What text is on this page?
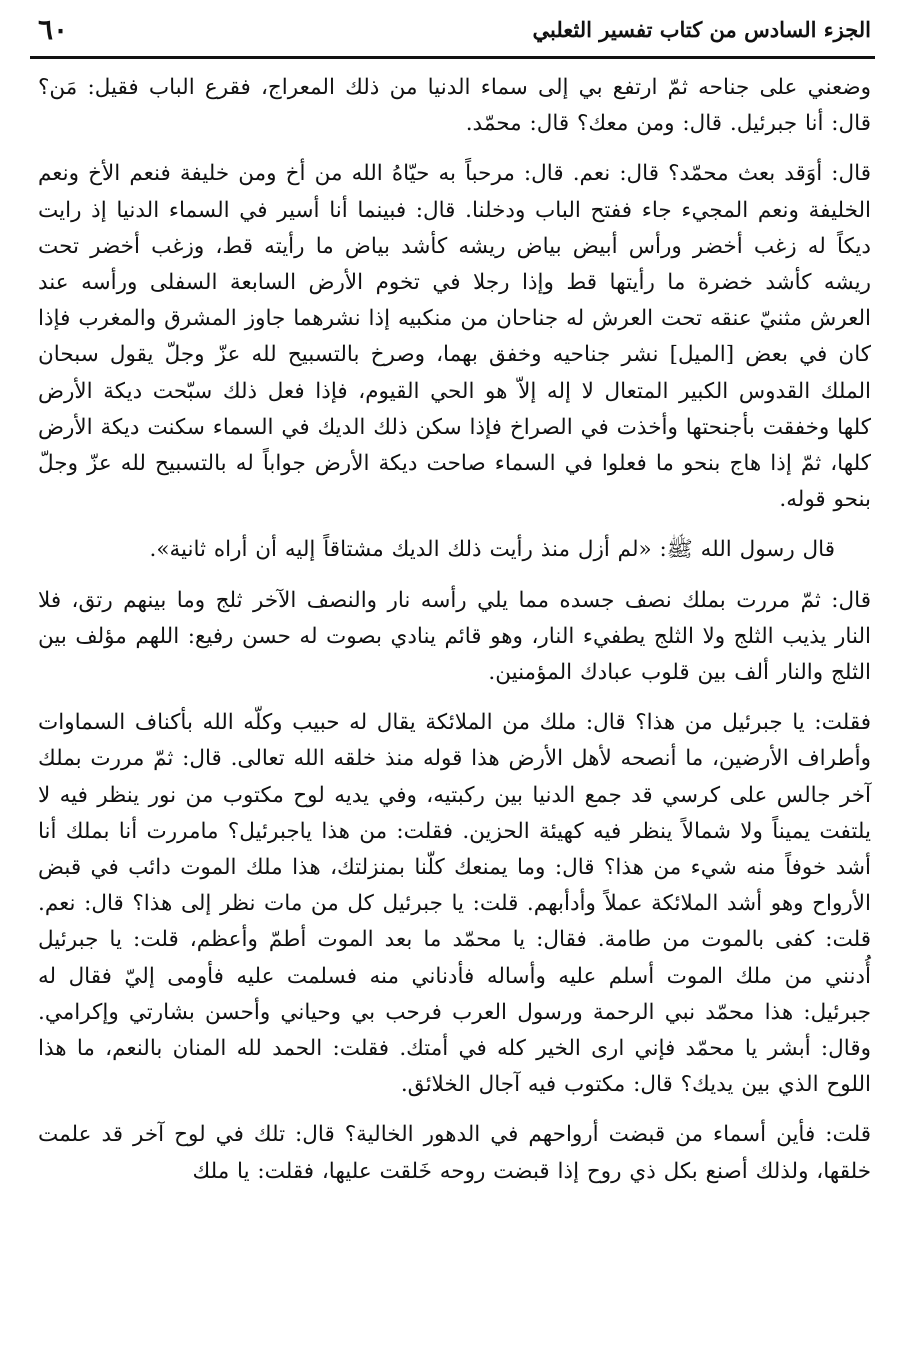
الجزء السادس من كتاب تفسير الثعلبي
٦٠

وضعني على جناحه ثمّ ارتفع بي إلى سماء الدنيا من ذلك المعراج، فقرع الباب فقيل: مَن؟ قال: أنا جبرئيل. قال: ومن معك؟ قال: محمّد.

قال: أوَقد بعث محمّد؟ قال: نعم. قال: مرحباً به حيّاهُ الله من أخ ومن خليفة فنعم الأخ ونعم الخليفة ونعم المجيء جاء ففتح الباب ودخلنا. قال: فبينما أنا أسير في السماء الدنيا إذ رايت ديكاً له زغب أخضر ورأس أبيض بياض ريشه كأشد بياض ما رأيته قط، وزغب أخضر تحت ريشه كأشد خضرة ما رأيتها قط وإذا رجلا في تخوم الأرض السابعة السفلى ورأسه عند العرش مثنيّ عنقه تحت العرش له جناحان من منكبيه إذا نشرهما جاوز المشرق والمغرب فإذا كان في بعض [الميل] نشر جناحيه وخفق بهما، وصرخ بالتسبيح لله عزّ وجلّ يقول سبحان الملك القدوس الكبير المتعال لا إله إلاّ هو الحي القيوم، فإذا فعل ذلك سبّحت ديكة الأرض كلها وخفقت بأجنحتها وأخذت في الصراخ فإذا سكن ذلك الديك في السماء سكنت ديكة الأرض كلها، ثمّ إذا هاج بنحو ما فعلوا في السماء صاحت ديكة الأرض جواباً له بالتسبيح لله عزّ وجلّ بنحو قوله.

قال رسول الله ﷺ: «لم أزل منذ رأيت ذلك الديك مشتاقاً إليه أن أراه ثانية».

قال: ثمّ مررت بملك نصف جسده مما يلي رأسه نار والنصف الآخر ثلج وما بينهم رتق، فلا النار يذيب الثلج ولا الثلج يطفيء النار، وهو قائم ينادي بصوت له حسن رفيع: اللهم مؤلف بين الثلج والنار ألف بين قلوب عبادك المؤمنين.

فقلت: يا جبرئيل من هذا؟ قال: ملك من الملائكة يقال له حبيب وكلّه الله بأكناف السماوات وأطراف الأرضين، ما أنصحه لأهل الأرض هذا قوله منذ خلقه الله تعالى. قال: ثمّ مررت بملك آخر جالس على كرسي قد جمع الدنيا بين ركبتيه، وفي يديه لوح مكتوب من نور ينظر فيه لا يلتفت يميناً ولا شمالاً ينظر فيه كهيئة الحزين. فقلت: من هذا ياجبرئيل؟ مامررت أنا بملك أنا أشد خوفاً منه شيء من هذا؟ قال: وما يمنعك كلّنا بمنزلتك، هذا ملك الموت دائب في قبض الأرواح وهو أشد الملائكة عملاً وأدأبهم. قلت: يا جبرئيل كل من مات نظر إلى هذا؟ قال: نعم. قلت: كفى بالموت من طامة. فقال: يا محمّد ما بعد الموت أطمّ وأعظم، قلت: يا جبرئيل أُدنني من ملك الموت أسلم عليه وأساله فأدناني منه فسلمت عليه فأومى إليّ فقال له جبرئيل: هذا محمّد نبي الرحمة ورسول العرب فرحب بي وحياني وأحسن بشارتي وإكرامي. وقال: أبشر يا محمّد فإني ارى الخير كله في أمتك. فقلت: الحمد لله المنان بالنعم، ما هذا اللوح الذي بين يديك؟ قال: مكتوب فيه آجال الخلائق.

قلت: فأين أسماء من قبضت أرواحهم في الدهور الخالية؟ قال: تلك في لوح آخر قد علمت خلقها، ولذلك أصنع بكل ذي روح إذا قبضت روحه خَلقت عليها، فقلت: يا ملك
